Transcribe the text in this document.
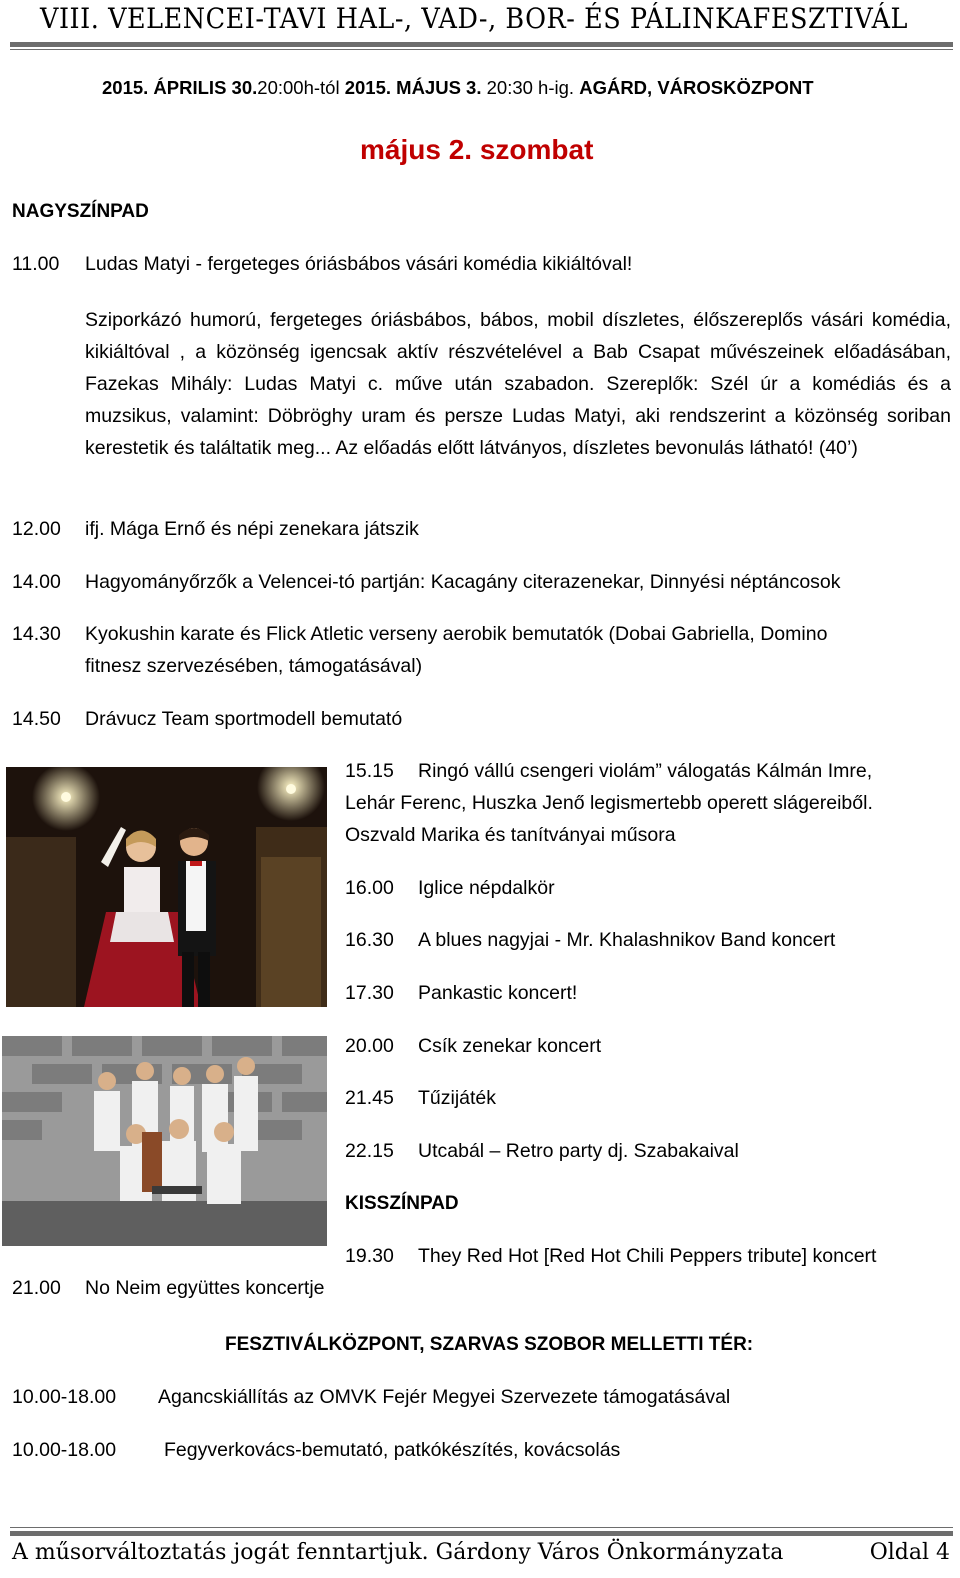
VIII. VELENCEI-TAVI HAL-, VAD-, BOR- ÉS PÁLINKAFESZTIVÁL
2015. ÁPRILIS 30.20:00h-tól 2015. MÁJUS 3. 20:30 h-ig. AGÁRD, VÁROSKÖZPONT
május 2. szombat
NAGYSZÍNPAD
11.00 Ludas Matyi - fergeteges óriásbábos vásári komédia kikiáltóval!
Sziporkázó humorú, fergeteges óriásbábos, bábos, mobil díszletes, élőszereplős vásári komédia, kikiáltóval , a közönség igencsak aktív részvételével a Bab Csapat művészeinek előadásában, Fazekas Mihály: Ludas Matyi c. műve után szabadon. Szereplők: Szél úr a komédiás és a muzsikus, valamint: Döbröghy uram és persze Ludas Matyi, aki rendszerint a közönség soriban kerestetik és találtatik meg... Az előadás előtt látványos, díszletes bevonulás látható! (40’)
12.00 ifj. Mága Ernő és népi zenekara játszik
14.00 Hagyományőrzők a Velencei-tó partján: Kacagány citerazenekar, Dinnyési néptáncosok
14.30 Kyokushin karate és Flick Atletic verseny aerobik bemutatók (Dobai Gabriella, Domino
fitnesz szervezésében, támogatásával)
14.50 Drávucz Team sportmodell bemutató
15.15 Ringó vállú csengeri violám” válogatás Kálmán Imre,
Lehár Ferenc, Huszka Jenő legismertebb operett slágereiből.
Oszvald Marika és tanítványai műsora
16.00 Iglice népdalkör
16.30 A blues nagyjai - Mr. Khalashnikov Band koncert
17.30 Pankastic koncert!
20.00 Csík zenekar koncert
21.45 Tűzijáték
22.15 Utcabál – Retro party dj. Szabakaival
KISSZÍNPAD
19.30 They Red Hot [Red Hot Chili Peppers tribute] koncert
21.00 No Neim együttes koncertje
FESZTIVÁLKÖZPONT, SZARVAS SZOBOR MELLETTI TÉR:
10.00-18.00 Agancskiállítás az OMVK Fejér Megyei Szervezete támogatásával
10.00-18.00 Fegyverkovács-bemutató, patkókészítés, kovácsolás
A műsorváltoztatás jogát fenntartjuk. Gárdony Város Önkormányzata	Oldal 4
